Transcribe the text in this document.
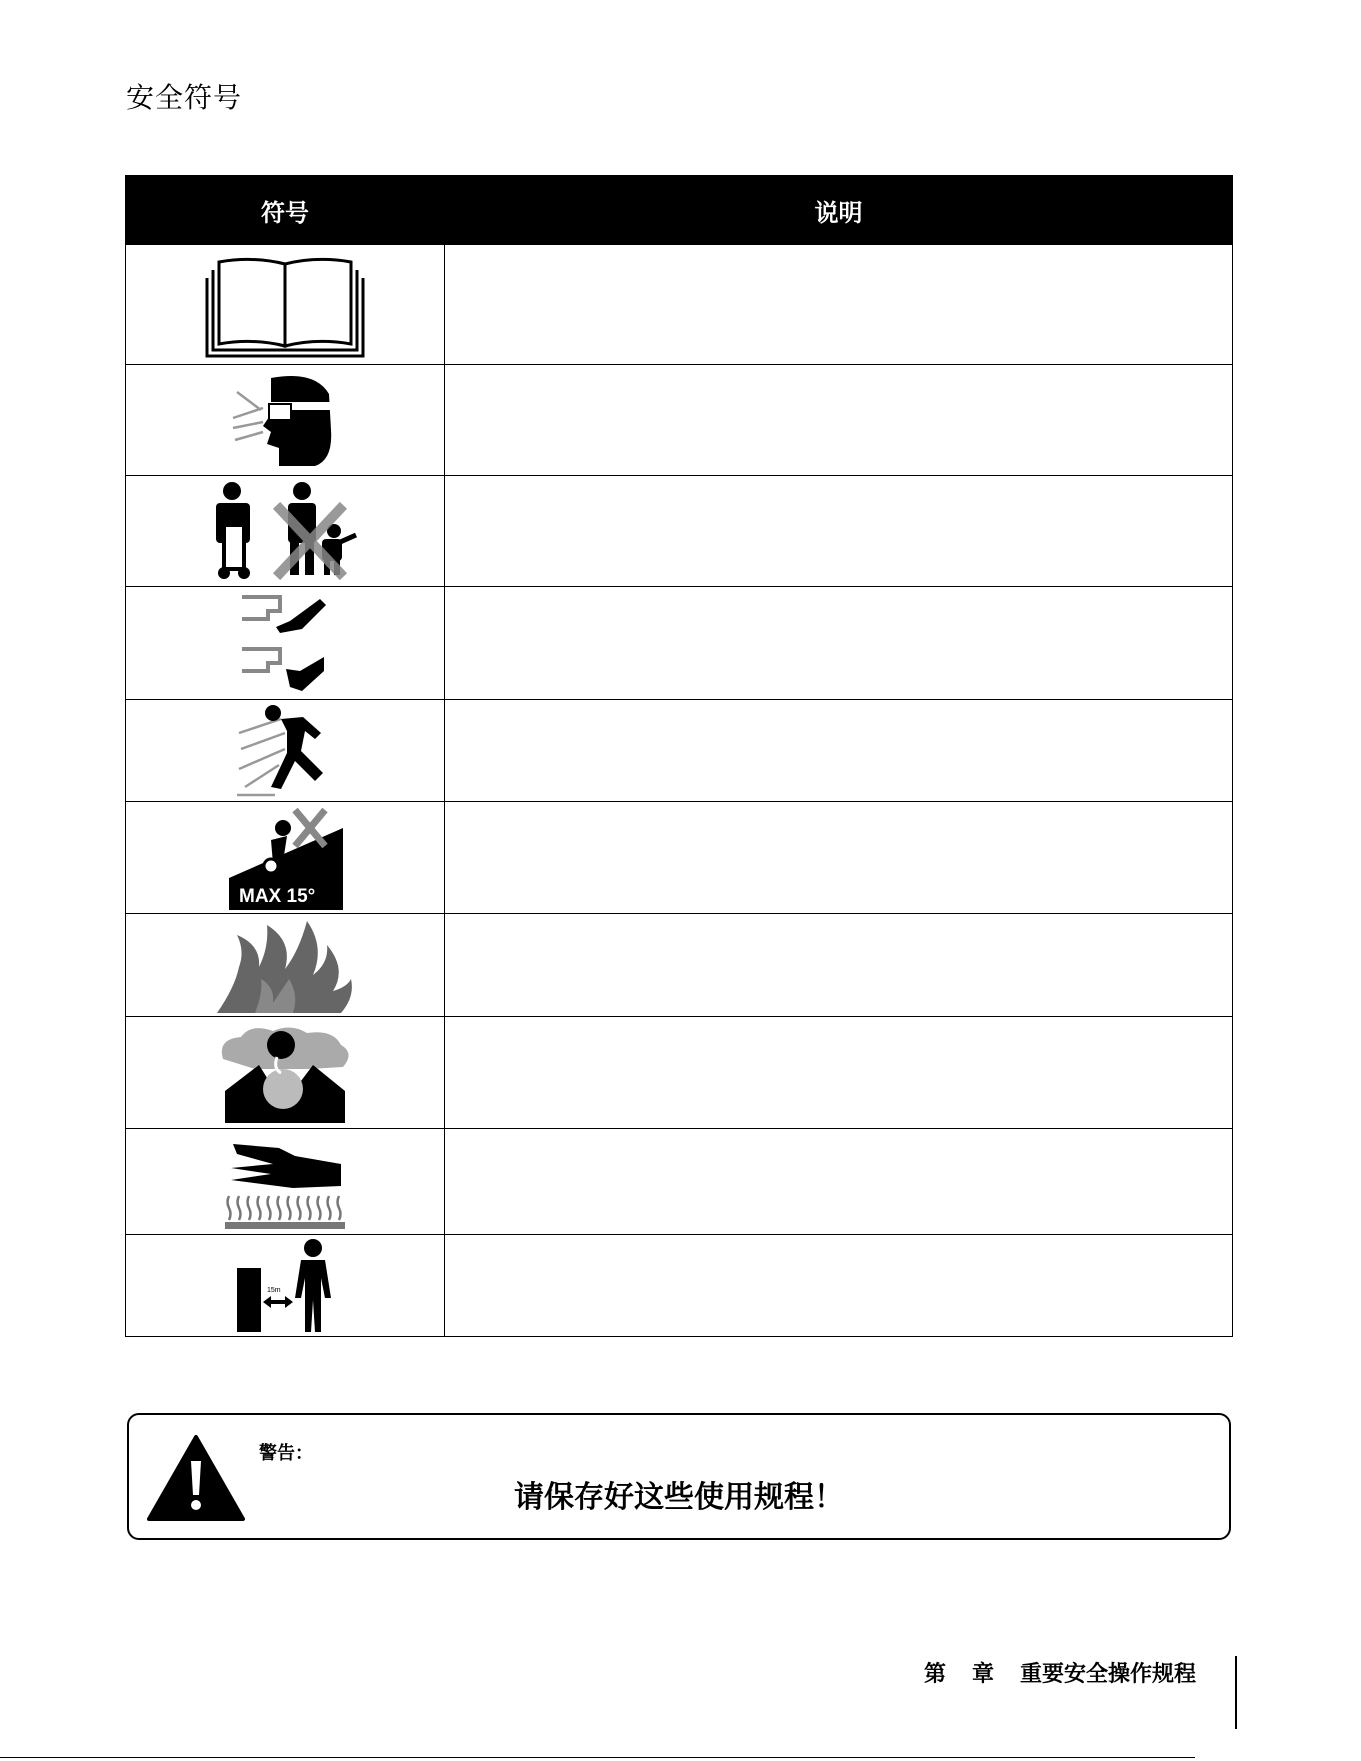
安全符号
符号	说明

MAX 15°	

15m	

警告：
请保存好这些使用规程！
第 章 重要安全操作规程
